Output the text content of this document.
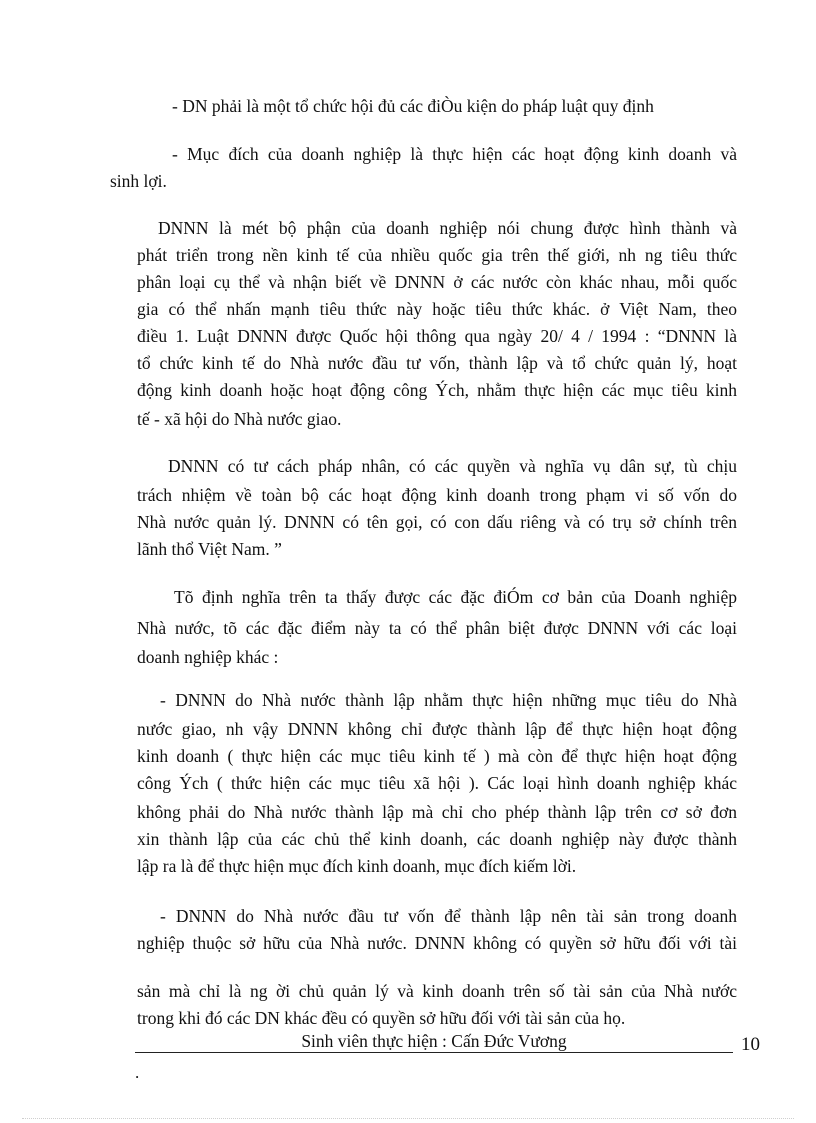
- DN phải là một tổ chức hội đủ các điÒu kiện do pháp luật quy định
- Mục đích của doanh nghiệp là thực hiện các hoạt động kinh doanh và
sinh lợi.
DNNN là mét bộ phận của doanh nghiệp nói chung được hình thành và
phát triển trong nền kinh tế của nhiều quốc gia trên thế giới, nh ng tiêu thức
phân loại cụ thể và nhận biết về DNNN ở các nước còn khác nhau, mỗi quốc
gia có thể nhấn mạnh tiêu thức này hoặc tiêu thức khác. ở Việt Nam, theo
điều 1. Luật DNNN được Quốc hội thông qua ngày 20/ 4 / 1994 : “DNNN là
tổ chức kinh tế do Nhà nước đầu tư vốn, thành lập và tổ chức quản lý, hoạt
động kinh doanh hoặc hoạt động công Ých, nhằm thực hiện các mục tiêu kinh
tế - xã hội do Nhà nước giao.
DNNN có tư cách pháp nhân, có các quyền và nghĩa vụ dân sự, tù chịu
trách nhiệm về toàn bộ các hoạt động kinh doanh trong phạm vi số vốn do
Nhà nước quản lý. DNNN có tên gọi, có con dấu riêng và có trụ sở chính trên
lãnh thổ Việt Nam. ”
Tõ định nghĩa trên ta thấy được các đặc điÓm cơ bản của Doanh nghiệp
Nhà nước, tõ các đặc điểm này ta có thể phân biệt được DNNN với các loại
doanh nghiệp khác :
- DNNN do Nhà nước thành lập nhằm thực hiện những mục tiêu do Nhà
nước giao, nh vậy DNNN không chỉ được thành lập để thực hiện hoạt động
kinh doanh ( thực hiện các mục tiêu kinh tế ) mà còn để thực hiện hoạt động
công Ých ( thức hiện các mục tiêu xã hội ). Các loại hình doanh nghiệp khác
không phải do Nhà nước thành lập mà chỉ cho phép thành lập trên cơ sở đơn
xin thành lập của các chủ thể kinh doanh, các doanh nghiệp này được thành
lập ra là để thực hiện mục đích kinh doanh, mục đích kiếm lời.
- DNNN do Nhà nước đầu tư vốn để thành lập nên tài sản trong doanh
nghiệp thuộc sở hữu của Nhà nước. DNNN không có quyền sở hữu đối với tài
sản mà chỉ là ng ời chủ quản lý và kinh doanh trên số tài sản của Nhà nước
trong khi đó các DN khác đều có quyền sở hữu đối với tài sản của họ.
Sinh viên thực hiện : Cấn Đức Vương	10
.
